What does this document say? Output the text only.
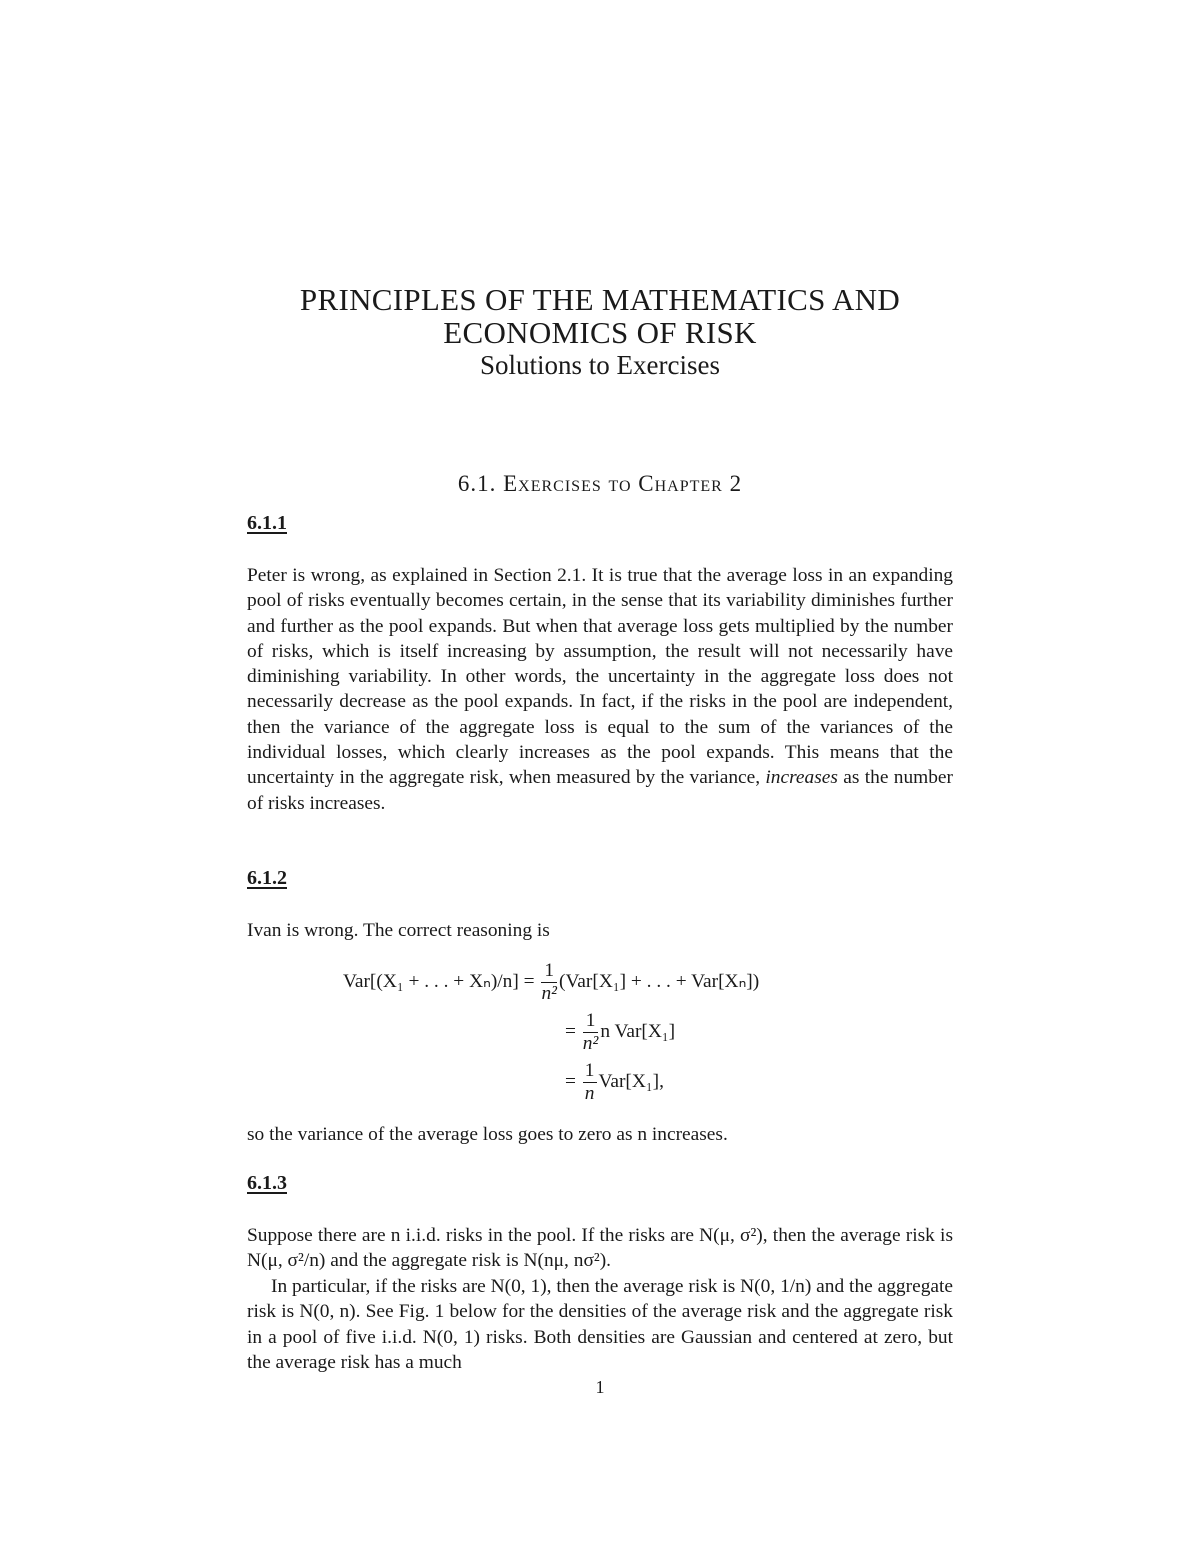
PRINCIPLES OF THE MATHEMATICS AND
ECONOMICS OF RISK
Solutions to Exercises
6.1. Exercises to Chapter 2
6.1.1
Peter is wrong, as explained in Section 2.1. It is true that the average loss in an expanding pool of risks eventually becomes certain, in the sense that its variability diminishes further and further as the pool expands. But when that average loss gets multiplied by the number of risks, which is itself increasing by assumption, the result will not necessarily have diminishing variability. In other words, the uncertainty in the aggregate loss does not necessarily decrease as the pool expands. In fact, if the risks in the pool are independent, then the variance of the aggregate loss is equal to the sum of the variances of the individual losses, which clearly increases as the pool expands. This means that the uncertainty in the aggregate risk, when measured by the variance, increases as the number of risks increases.
6.1.2
Ivan is wrong. The correct reasoning is
Var[(X₁ + . . . + $X_n)/n] = \frac{1}{\text{n²}} (Var[X_1]$ + . . . + Var[Xₙ])
= $\frac{1}{\text{n²}}$ n Var[X₁]
= $\frac{1}{n} Var[X_1]$,
so the variance of the average loss goes to zero as n increases.
6.1.3
Suppose there are n i.i.d. risks in the pool. If the risks are N(μ, σ²), then the average risk is N(μ, σ²/n) and the aggregate risk is N(nμ, nσ²).
In particular, if the risks are N(0, 1), then the average risk is N(0, 1/n) and the aggregate risk is N(0, n). See Fig. 1 below for the densities of the average risk and the aggregate risk in a pool of five i.i.d. N(0, 1) risks. Both densities are Gaussian and centered at zero, but the average risk has a much
1
